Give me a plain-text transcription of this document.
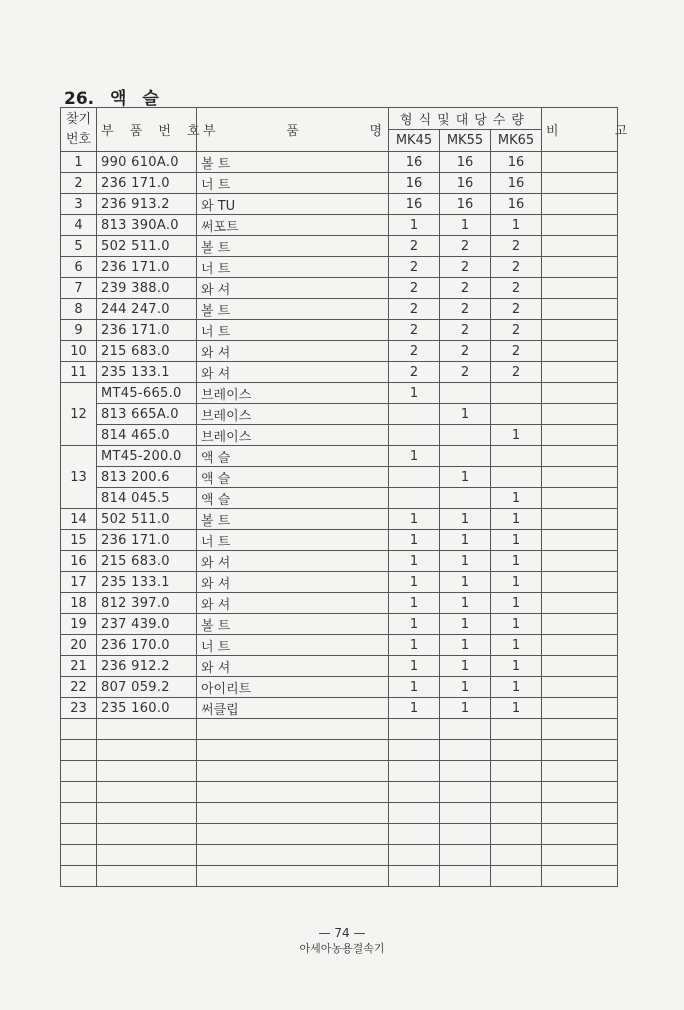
26. 액 슬
찾기 번호	부 품 번 호	부 품 명	형식및대당수량			비 고
			MK45	MK55	MK65	
1	990 610A.0	볼 트	16	16	16	
2	236 171.0	너 트	16	16	16	
3	236 913.2	와 TU	16	16	16	
4	813 390A.0	써포트	1	1	1	
5	502 511.0	볼 트	2	2	2	
6	236 171.0	너 트	2	2	2	
7	239 388.0	와 셔	2	2	2	
8	244 247.0	볼 트	2	2	2	
9	236 171.0	너 트	2	2	2	
10	215 683.0	와 셔	2	2	2	
11	235 133.1	와 셔	2	2	2	
12	MT45-665.0	브레이스	1			
	813 665A.0	브레이스		1		
	814 465.0	브레이스			1	
13	MT45-200.0	액 슬	1			
	813 200.6	액 슬		1		
	814 045.5	액 슬			1	
14	502 511.0	볼 트	1	1	1	
15	236 171.0	너 트	1	1	1	
16	215 683.0	와 셔	1	1	1	
17	235 133.1	와 셔	1	1	1	
18	812 397.0	와 셔	1	1	1	
19	237 439.0	볼 트	1	1	1	
20	236 170.0	너 트	1	1	1	
21	236 912.2	와 셔	1	1	1	
22	807 059.2	아이리트	1	1	1	
23	235 160.0	써클립	1	1	1	

— 74 —
아세아농용결속기
